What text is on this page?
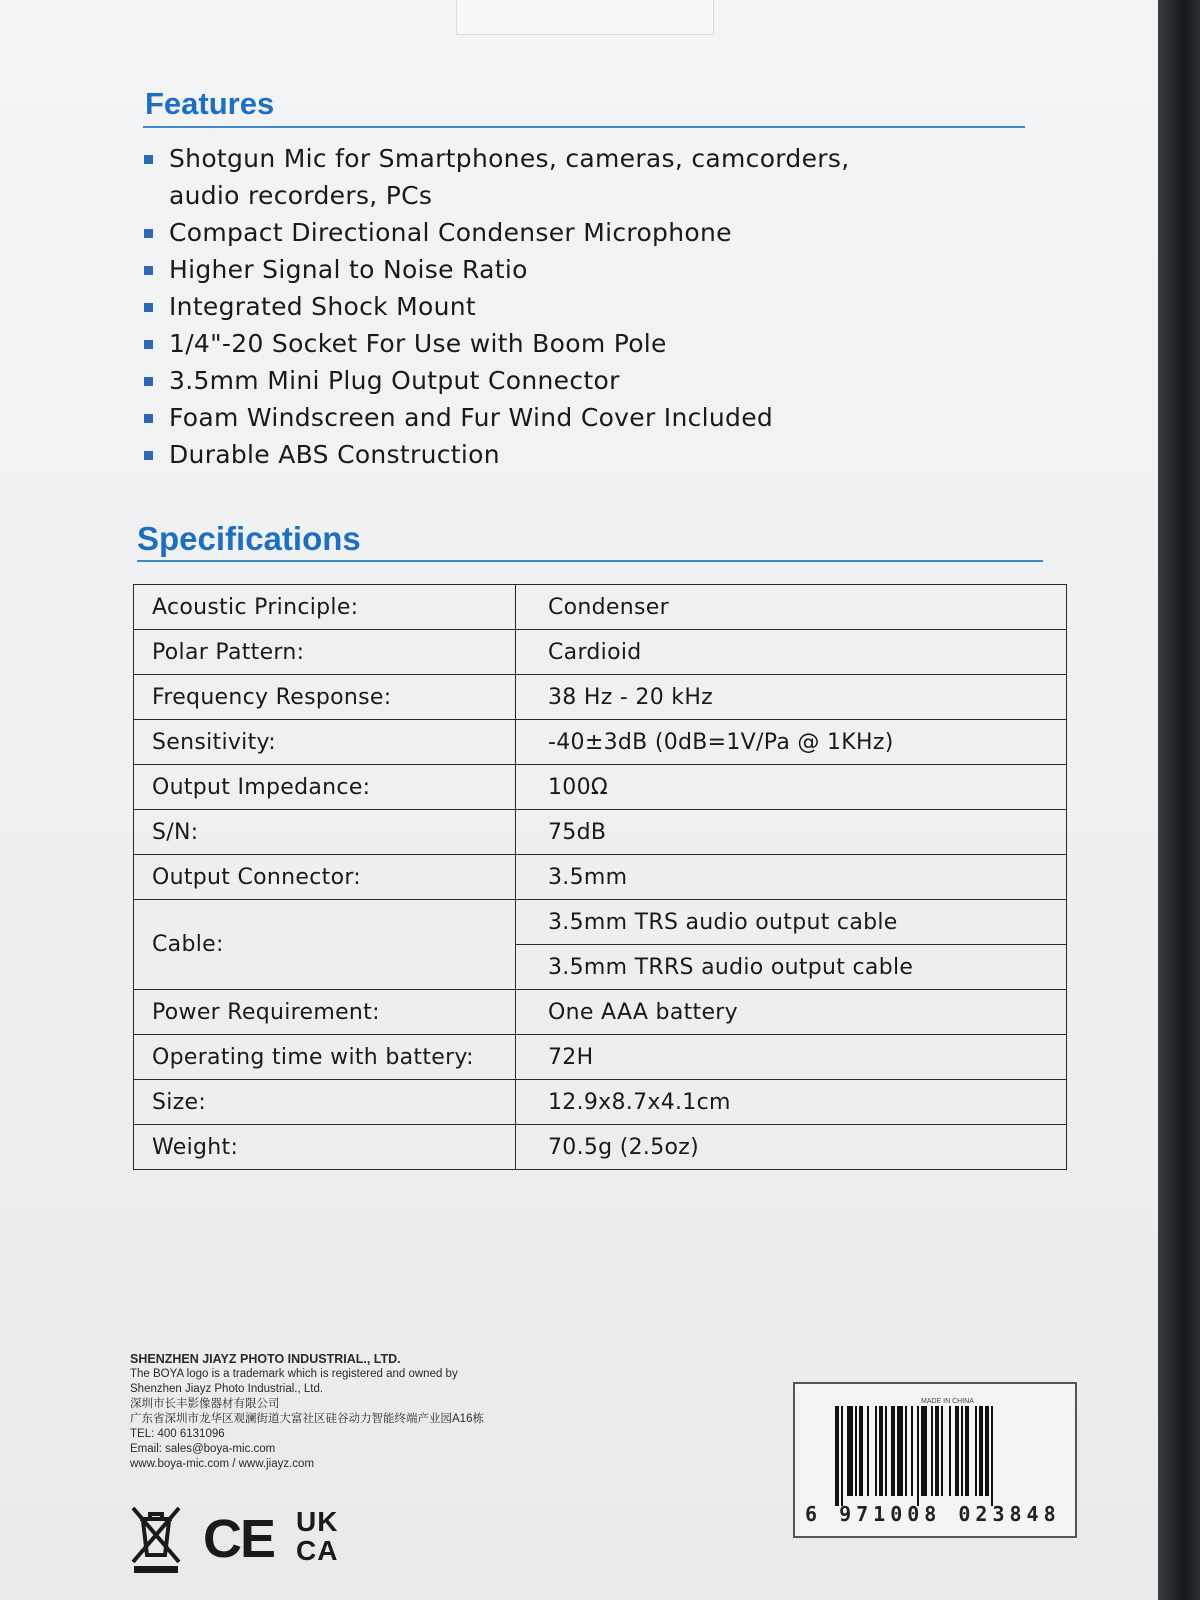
Features
Shotgun Mic for Smartphones, cameras, camcorders,
audio recorders, PCs
Compact Directional Condenser Microphone
Higher Signal to Noise Ratio
Integrated Shock Mount
1/4"-20 Socket For Use with Boom Pole
3.5mm Mini Plug Output Connector
Foam Windscreen and Fur Wind Cover Included
Durable ABS Construction
Specifications
Acoustic Principle:	Condenser
Polar Pattern:	Cardioid
Frequency Response:	38 Hz - 20 kHz
Sensitivity:	-40±3dB (0dB=1V/Pa @ 1KHz)
Output Impedance:	100Ω
S/N:	75dB
Output Connector:	3.5mm
Cable:	3.5mm TRS audio output cable
	3.5mm TRRS audio output cable
Power Requirement:	One AAA battery
Operating time with battery:	72H
Size:	12.9x8.7x4.1cm
Weight:	70.5g (2.5oz)
SHENZHEN JIAYZ PHOTO INDUSTRIAL., LTD.
The BOYA logo is a trademark which is registered and owned by
Shenzhen Jiayz Photo Industrial., Ltd.
深圳市长丰影像器材有限公司
广东省深圳市龙华区观澜街道大富社区硅谷动力智能终端产业园A16栋
TEL: 400 6131096
Email: sales@boya-mic.com
www.boya-mic.com / www.jiayz.com
CE UK
CA
MADE IN CHINA
6 971008 023848
